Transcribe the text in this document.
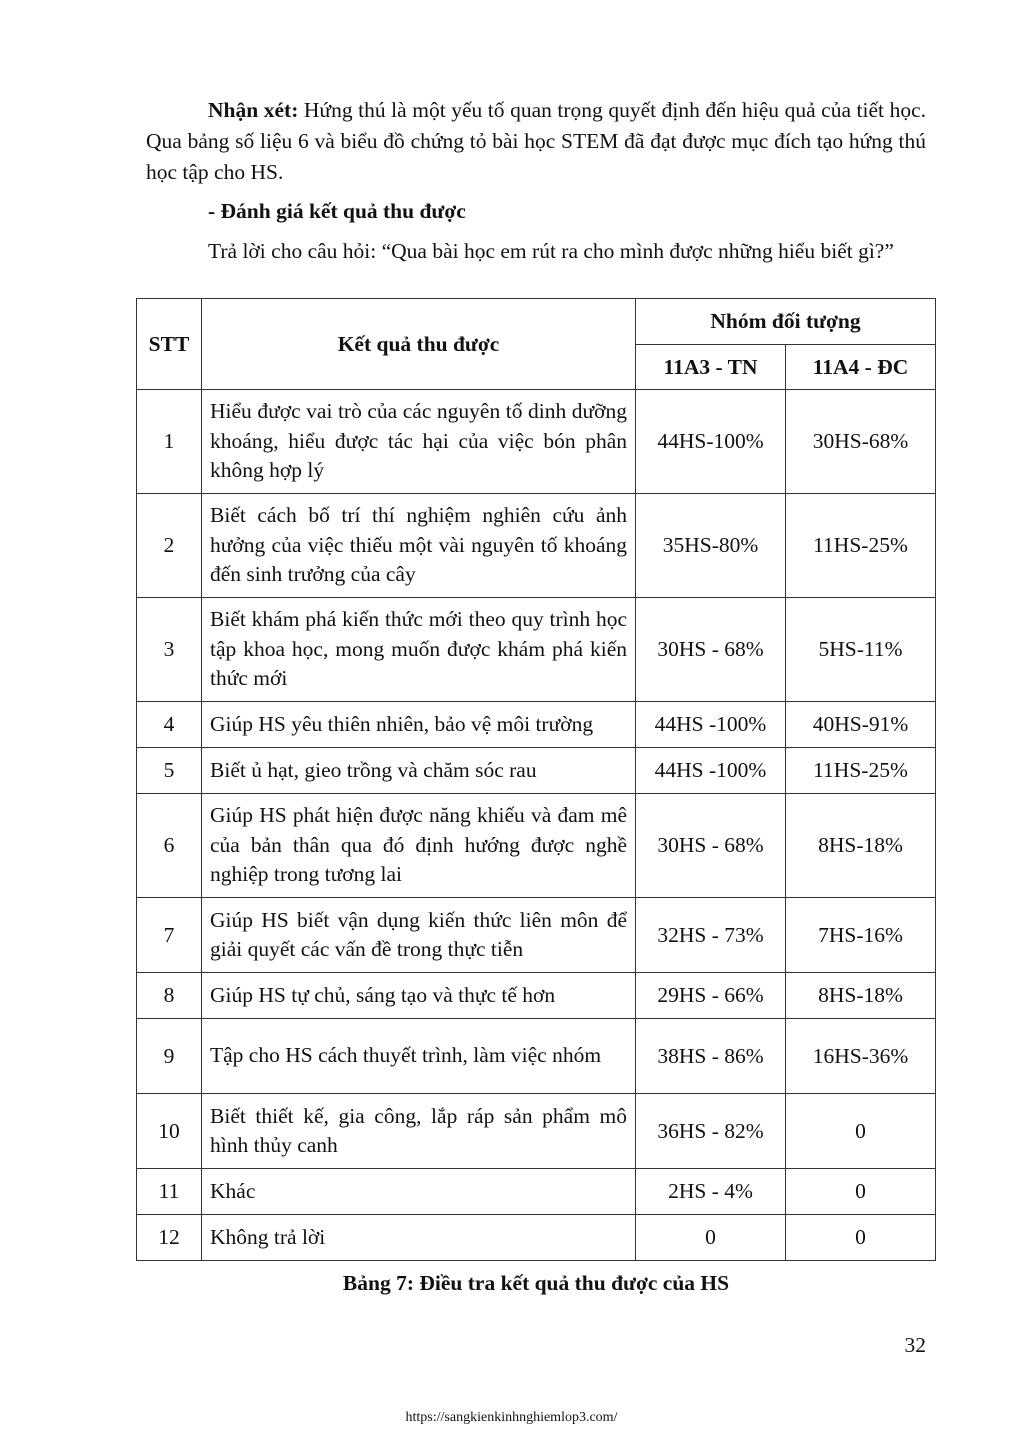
Nhận xét: Hứng thú là một yếu tố quan trọng quyết định đến hiệu quả của tiết học. Qua bảng số liệu 6 và biểu đồ chứng tỏ bài học STEM đã đạt được mục đích tạo hứng thú học tập cho HS.

- Đánh giá kết quả thu được

Trả lời cho câu hỏi: “Qua bài học em rút ra cho mình được những hiểu biết gì?”

STT	Kết quả thu được	Nhóm đối tượng	
		11A3 - TN	11A4 - ĐC
1	Hiểu được vai trò của các nguyên tố dinh dưỡng khoáng, hiểu được tác hại của việc bón phân không hợp lý	44HS-100%	30HS-68%
2	Biết cách bố trí thí nghiệm nghiên cứu ảnh hưởng của việc thiếu một vài nguyên tố khoáng đến sinh trưởng của cây	35HS-80%	11HS-25%
3	Biết khám phá kiến thức mới theo quy trình học tập khoa học, mong muốn được khám phá kiến thức mới	30HS - 68%	5HS-11%
4	Giúp HS yêu thiên nhiên, bảo vệ môi trường	44HS -100%	40HS-91%
5	Biết ủ hạt, gieo trồng và chăm sóc rau	44HS -100%	11HS-25%
6	Giúp HS phát hiện được năng khiếu và đam mê của bản thân qua đó định hướng được nghề nghiệp trong tương lai	30HS - 68%	8HS-18%
7	Giúp HS biết vận dụng kiến thức liên môn để giải quyết các vấn đề trong thực tiễn	32HS - 73%	7HS-16%
8	Giúp HS tự chủ, sáng tạo và thực tế hơn	29HS - 66%	8HS-18%
9	Tập cho HS cách thuyết trình, làm việc nhóm	38HS - 86%	16HS-36%
10	Biết thiết kế, gia công, lắp ráp sản phẩm mô hình thủy canh	36HS - 82%	0
11	Khác	2HS - 4%	0
12	Không trả lời	0	0

Bảng 7: Điều tra kết quả thu được của HS

32
https://sangkienkinhnghiemlop3.com/
